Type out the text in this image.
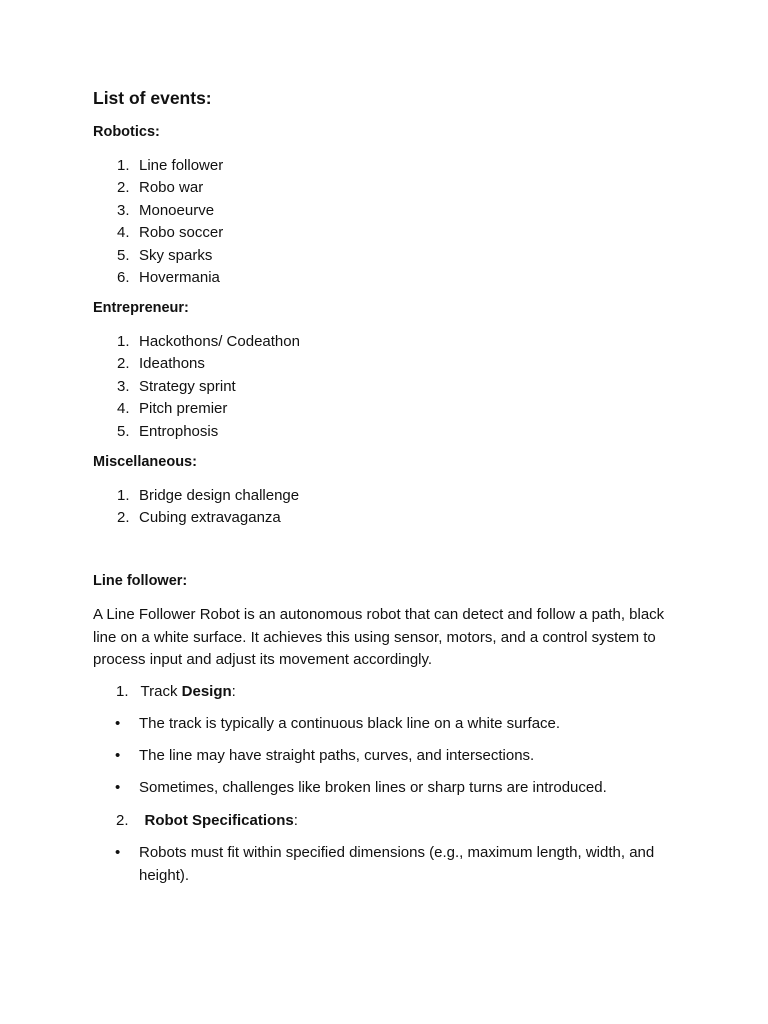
List of events:
Robotics:
1. Line follower
2. Robo war
3. Monoeurve
4. Robo soccer
5. Sky sparks
6. Hovermania
Entrepreneur:
1. Hackothons/ Codeathon
2. Ideathons
3. Strategy sprint
4. Pitch premier
5. Entrophosis
Miscellaneous:
1. Bridge design challenge
2. Cubing extravaganza
Line follower:

A Line Follower Robot is an autonomous robot that can detect and follow a path, black line on a white surface. It achieves this using sensor, motors, and a control system to process input and adjust its movement accordingly.

1. Track Design:

•	The track is typically a continuous black line on a white surface.
•	The line may have straight paths, curves, and intersections.
•	Sometimes, challenges like broken lines or sharp turns are introduced.

2. Robot Specifications:

•	Robots must fit within specified dimensions (e.g., maximum length, width, and height).
